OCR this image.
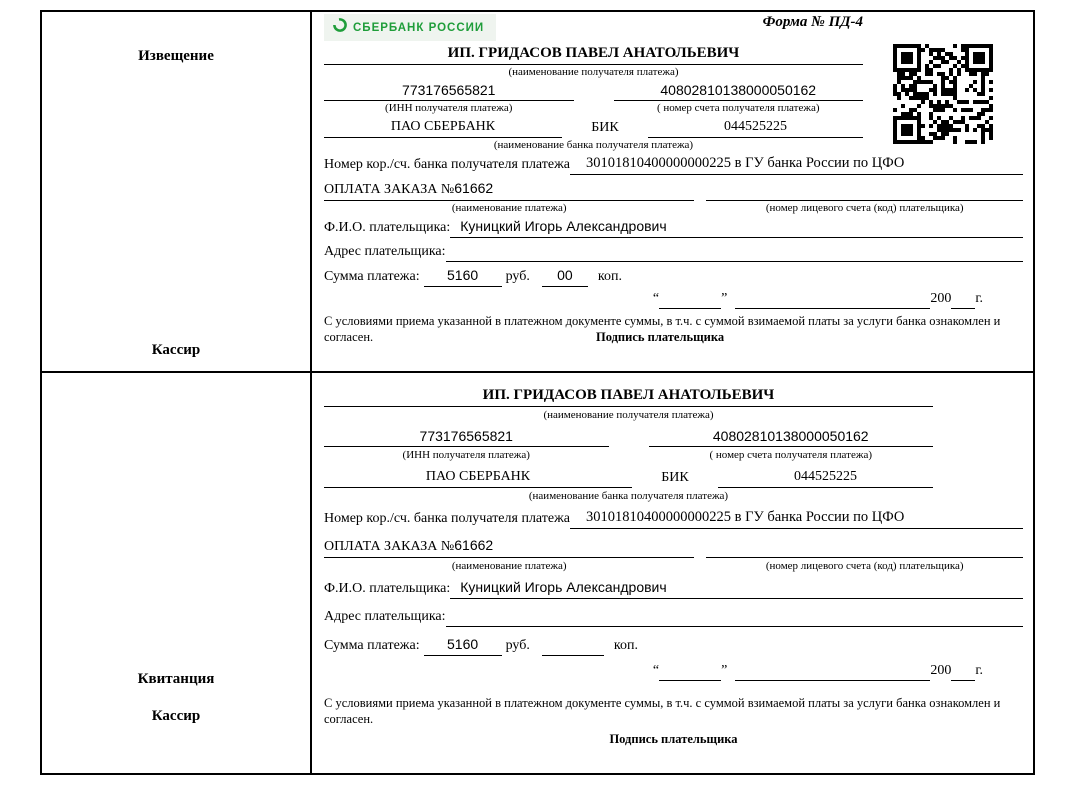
Извещение
Кассир
СБЕРБАНК РОССИИ	Форма № ПД-4
ИП. ГРИДАСОВ ПАВЕЛ АНАТОЛЬЕВИЧ
(наименование получателя платежа)
773176565821	40802810138000050162
(ИНН получателя платежа)	( номер счета получателя платежа)
ПАО СБЕРБАНК	БИК	044525225
(наименование банка получателя платежа)
Номер кор./сч. банка получателя платежа	30101810400000000225 в ГУ банка России по ЦФО
ОПЛАТА ЗАКАЗА №61662
(наименование платежа)	(номер лицевого счета (код) плательщика)
Ф.И.О. плательщика: Куницкий Игорь Александрович
Адрес плательщика:
Сумма платежа:	5160	руб.	00	коп.
“	”	200 г.
С условиями приема указанной в платежном документе суммы, в т.ч. с суммой взимаемой платы за услуги банка ознакомлен и согласен.	Подпись плательщика
Квитанция
Кассир
ИП. ГРИДАСОВ ПАВЕЛ АНАТОЛЬЕВИЧ
(наименование получателя платежа)
773176565821	40802810138000050162
(ИНН получателя платежа)	( номер счета получателя платежа)
ПАО СБЕРБАНК	БИК	044525225
(наименование банка получателя платежа)
Номер кор./сч. банка получателя платежа	30101810400000000225 в ГУ банка России по ЦФО
ОПЛАТА ЗАКАЗА №61662
(наименование платежа)	(номер лицевого счета (код) плательщика)
Ф.И.О. плательщика: Куницкий Игорь Александрович
Адрес плательщика:
Сумма платежа:	5160	руб.	коп.
“	”	200 г.
С условиями приема указанной в платежном документе суммы, в т.ч. с суммой взимаемой платы за услуги банка ознакомлен и согласен.
Подпись плательщика
